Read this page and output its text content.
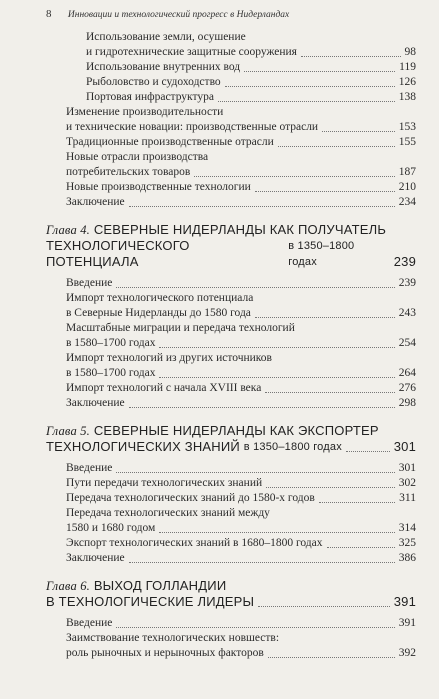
8 Инновации и технологический прогресс в Нидерландах
Использование земли, осушение
и гидротехнические защитные сооружения	98
Использование внутренних вод	119
Рыболовство и судоходство	126
Портовая инфраструктура	138
Изменение производительности
и технические новации: производственные отрасли	153
Традиционные производственные отрасли	155
Новые отрасли производства
потребительских товаров	187
Новые производственные технологии	210
Заключение	234
Глава 4. СЕВЕРНЫЕ НИДЕРЛАНДЫ КАК ПОЛУЧАТЕЛЬ
ТЕХНОЛОГИЧЕСКОГО ПОТЕНЦИАЛА

в 1350–1800 годах	239
Введение	239
Импорт технологического потенциала
в Северные Нидерланды до 1580 года	243
Масштабные миграции и передача технологий
в 1580–1700 годах	254
Импорт технологий из других источников
в 1580–1700 годах	264
Импорт технологий с начала XVIII века	276
Заключение	298
Глава 5. СЕВЕРНЫЕ НИДЕРЛАНДЫ КАК ЭКСПОРТЕР
ТЕХНОЛОГИЧЕСКИХ ЗНАНИЙ
в 1350–1800 годах	301
Введение	301
Пути передачи технологических знаний	302
Передача технологических знаний до 1580-х годов	311
Передача технологических знаний между
1580 и 1680 годом	314
Экспорт технологических знаний в 1680–1800 годах	325
Заключение	386
Глава 6. ВЫХОД ГОЛЛАНДИИ
В ТЕХНОЛОГИЧЕСКИЕ ЛИДЕРЫ	391
Введение	391
Заимствование технологических новшеств:
роль рыночных и нерыночных факторов	392
